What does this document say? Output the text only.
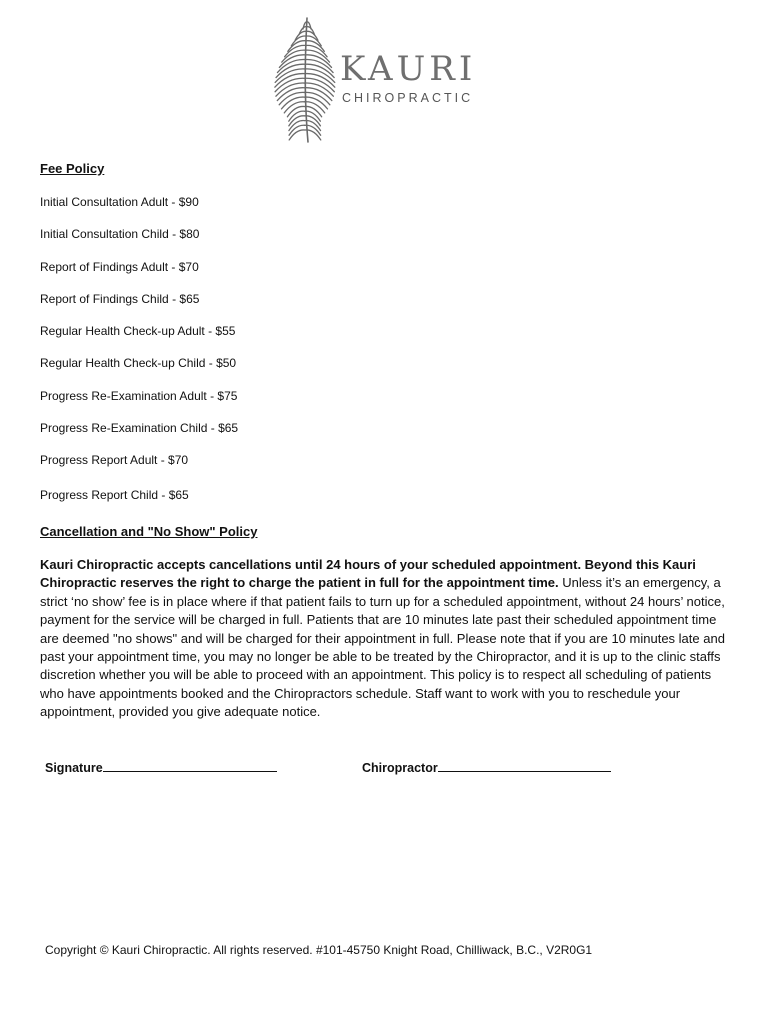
KAURI
CHIROPRACTIC
Fee Policy
Initial Consultation Adult - $90
Initial Consultation Child - $80
Report of Findings Adult - $70
Report of Findings Child - $65
Regular Health Check-up Adult - $55
Regular Health Check-up Child - $50
Progress Re-Examination Adult - $75
Progress Re-Examination Child - $65
Progress Report Adult - $70
Progress Report Child - $65
Cancellation and "No Show" Policy
Kauri Chiropractic accepts cancellations until 24 hours of your scheduled appointment. Beyond this Kauri Chiropractic reserves the right to charge the patient in full for the appointment time. Unless it’s an emergency, a strict ‘no show’ fee is in place where if that patient fails to turn up for a scheduled appointment, without 24 hours’ notice, payment for the service will be charged in full. Patients that are 10 minutes late past their scheduled appointment time are deemed "no shows" and will be charged for their appointment in full. Please note that if you are 10 minutes late and past your appointment time, you may no longer be able to be treated by the Chiropractor, and it is up to the clinic staffs discretion whether you will be able to proceed with an appointment. This policy is to respect all scheduling of patients who have appointments booked and the Chiropractors schedule. Staff want to work with you to reschedule your appointment, provided you give adequate notice.
Signature	Chiropractor
Copyright © Kauri Chiropractic. All rights reserved. #101-45750 Knight Road, Chilliwack, B.C., V2R0G1
